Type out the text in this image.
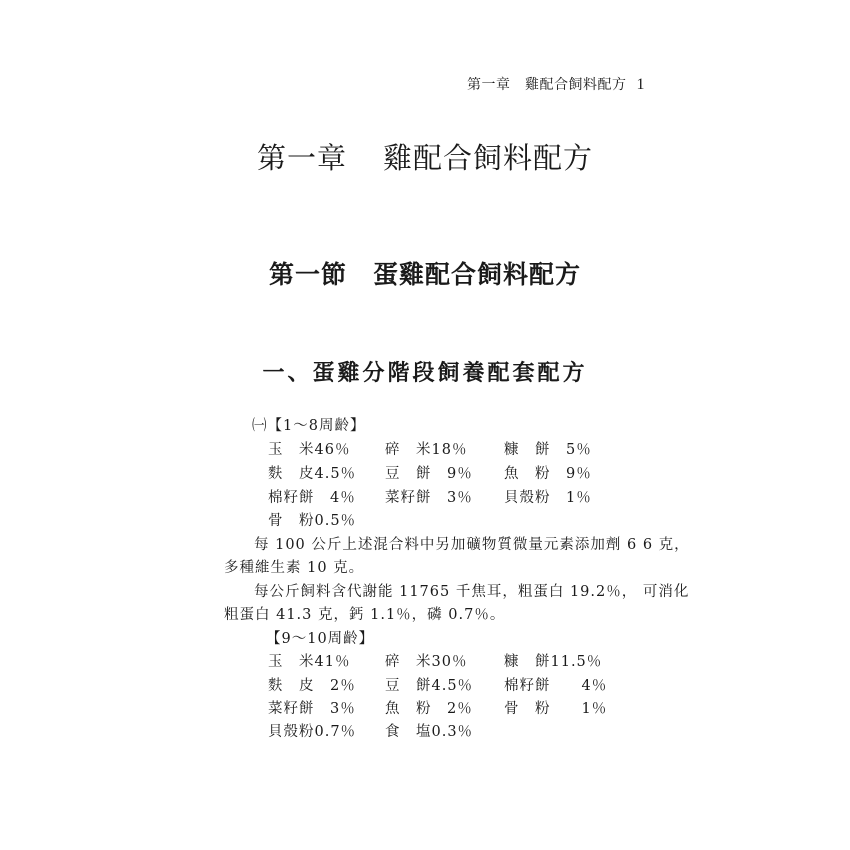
第一章　雞配合飼料配方 1
第一章 雞配合飼料配方
第一節 蛋雞配合飼料配方
一、蛋雞分階段飼養配套配方
㈠【1～8周齡】
玉　米46％ 碎　米18％	糠　餅　5％
麩　皮4.5％ 豆　餅　9％ 魚　粉　9％
棉籽餅　4％ 菜籽餅　3％ 貝殼粉　1％
骨　粉0.5％
每 100 公斤上述混合料中另加礦物質微量元素添加劑 6 6 克，
多種維生素 10 克。
每公斤飼料含代謝能 11765 千焦耳，粗蛋白 19.2％， 可消化
粗蛋白 41.3 克，鈣 1.1％，磷 0.7％。
【9～10周齡】
玉　米41％ 碎　米30％	糠　餅11.5％
麩　皮　2％ 豆　餅4.5％ 棉籽餅　　4％
菜籽餅　3％ 魚　粉　2％ 骨　粉　　1％
貝殼粉0.7％ 食　塩0.3％
